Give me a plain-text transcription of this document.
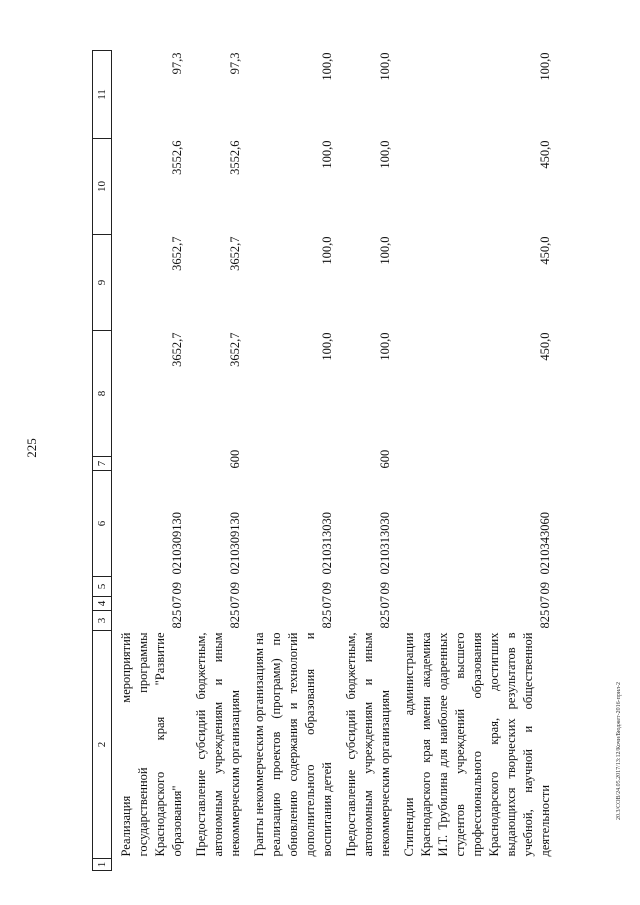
225
20.3/СОВ/24.05.2017/13:12/Кочи/Бюджет-2016-прил-2
1	2	3	4	5	6	7	8	9	10	11
	Реализация мероприятий государственной программы Краснодарского края "Развитие образования"	825	07	09	0210309130		3652,7	3652,7	3552,6	97,3
	Предоставление субсидий бюджетным, автономным учреждениям и иным некоммерческим организациям	825	07	09	0210309130	600	3652,7	3652,7	3552,6	97,3
	Гранты некоммерческим организациям на реализацию проектов (программ) по обновлению содержания и технологий дополнительного образования и воспитания детей	825	07	09	0210313030		100,0	100,0	100,0	100,0
	Предоставление субсидий бюджетным, автономным учреждениям и иным некоммерческим организациям	825	07	09	0210313030	600	100,0	100,0	100,0	100,0
	Стипендии администрации Краснодарского края имени академика И.Т. Трубилина для наиболее одаренных студентов учреждений высшего профессионального образования Краснодарского края, достигших выдающихся творческих результатов в учебной, научной и общественной деятельности	825	07	09	0210343060		450,0	450,0	450,0	100,0
